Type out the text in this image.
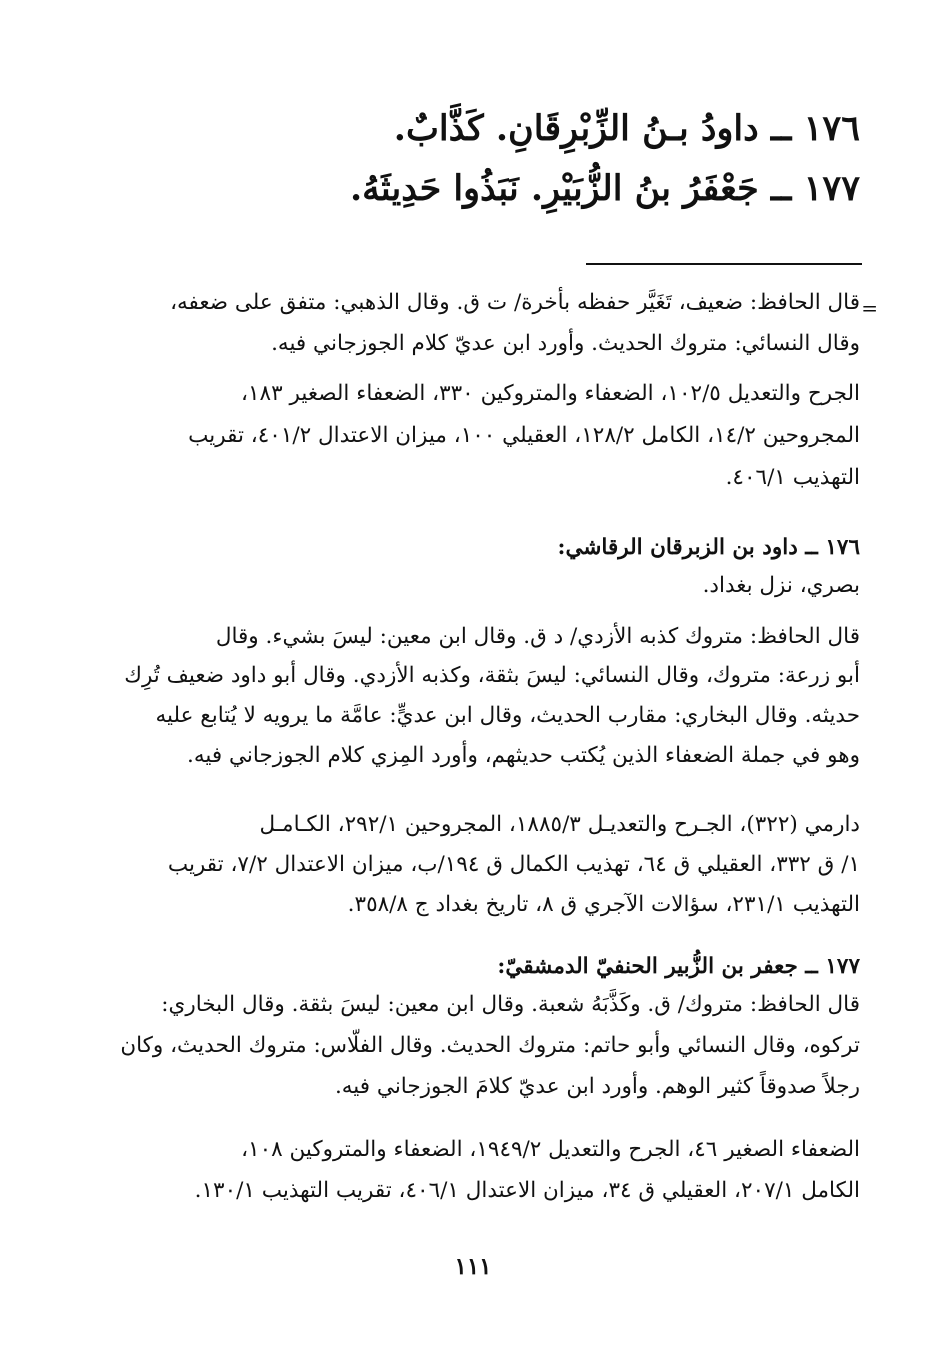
١٧٦ ــ داودُ بـنُ الزِّبْرِقَانِ. كَذَّابٌ.
١٧٧ ــ جَعْفَرُ بنُ الزُّبَيْرِ. نَبَذُوا حَدِيثَهُ.
=
قال الحافظ: ضعيف، تَغَيَّر حفظه بأخرة/ ت ق. وقال الذهبي: متفق على ضعفه،
وقال النسائي: متروك الحديث. وأورد ابن عديّ كلام الجوزجاني فيه.
الجرح والتعديل ١٠٢/٥، الضعفاء والمتروكين ٣٣٠، الضعفاء الصغير ١٨٣،
المجروحين ١٤/٢، الكامل ١٢٨/٢، العقيلي ١٠٠، ميزان الاعتدال ٤٠١/٢، تقريب
التهذيب ٤٠٦/١.
١٧٦ ــ داود بن الزبرقان الرقاشي:
بصري، نزل بغداد.
قال الحافظ: متروك كذبه الأزدي/ د ق. وقال ابن معين: ليسَ بشيء. وقال
أبو زرعة: متروك، وقال النسائي: ليسَ بثقة، وكذبه الأزدي. وقال أبو داود ضعيف تُرِك
حديثه. وقال البخاري: مقارب الحديث، وقال ابن عديٍّ: عامَّة ما يرويه لا يُتابع عليه
وهو في جملة الضعفاء الذين يُكتب حديثهم، وأورد المِزي كلام الجوزجاني فيه.
دارمي (٣٢٢)، الجـرح والتعديـل ١٨٨٥/٣، المجروحين ٢٩٢/١، الكـامـل
١/ ق ٣٣٢، العقيلي ق ٦٤، تهذيب الكمال ق ١٩٤/ب، ميزان الاعتدال ٧/٢، تقريب
التهذيب ٢٣١/١، سؤالات الآجري ق ٨، تاريخ بغداد ج ٣٥٨/٨.
١٧٧ ــ جعفر بن الزُّبير الحنفيّ الدمشقيّ:
قال الحافظ: متروك/ ق. وكَذَّبَهُ شعبة. وقال ابن معين: ليسَ بثقة. وقال البخاري:
تركوه، وقال النسائي وأبو حاتم: متروك الحديث. وقال الفلّاس: متروك الحديث، وكان
رجلاً صدوقاً كثير الوهم. وأورد ابن عديّ كلامَ الجوزجاني فيه.
الضعفاء الصغير ٤٦، الجرح والتعديل ١٩٤٩/٢، الضعفاء والمتروكين ١٠٨،
الكامل ٢٠٧/١، العقيلي ق ٣٤، ميزان الاعتدال ٤٠٦/١، تقريب التهذيب ١٣٠/١.
١١١
